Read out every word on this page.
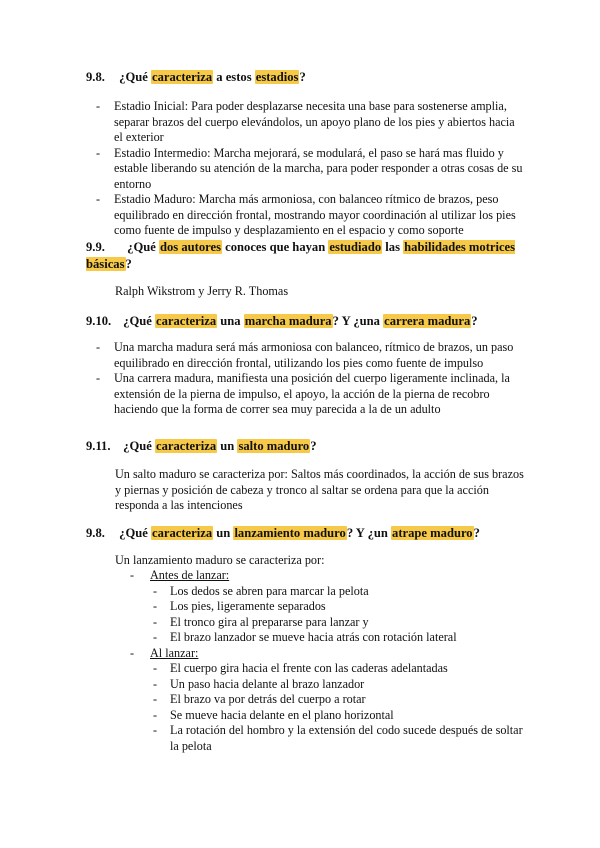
9.8. ¿Qué caracteriza a estos estadios?
- Estadio Inicial: Para poder desplazarse necesita una base para sostenerse amplia, separar brazos del cuerpo elevándolos, un apoyo plano de los pies y abiertos hacia el exterior
- Estadio Intermedio: Marcha mejorará, se modulará, el paso se hará mas fluido y estable liberando su atención de la marcha, para poder responder a otras cosas de su entorno
- Estadio Maduro: Marcha más armoniosa, con balanceo rítmico de brazos, peso equilibrado en dirección frontal, mostrando mayor coordinación al utilizar los pies como fuente de impulso y desplazamiento en el espacio y como soporte
9.9. ¿Qué dos autores conoces que hayan estudiado las habilidades motrices básicas?
Ralph Wikstrom y Jerry R. Thomas
9.10. ¿Qué caracteriza una marcha madura? Y ¿una carrera madura?
- Una marcha madura será más armoniosa con balanceo, rítmico de brazos, un paso equilibrado en dirección frontal, utilizando los pies como fuente de impulso
- Una carrera madura, manifiesta una posición del cuerpo ligeramente inclinada, la extensión de la pierna de impulso, el apoyo, la acción de la pierna de recobro haciendo que la forma de correr sea muy parecida a la de un adulto
9.11. ¿Qué caracteriza un salto maduro?
Un salto maduro se caracteriza por: Saltos más coordinados, la acción de sus brazos y piernas y posición de cabeza y tronco al saltar se ordena para que la acción responda a las intenciones
9.8. ¿Qué caracteriza un lanzamiento maduro? Y ¿un atrape maduro?
Un lanzamiento maduro se caracteriza por:
- Antes de lanzar:
- Los dedos se abren para marcar la pelota
- Los pies, ligeramente separados
- El tronco gira al prepararse para lanzar y
- El brazo lanzador se mueve hacia atrás con rotación lateral
- Al lanzar:
- El cuerpo gira hacia el frente con las caderas adelantadas
- Un paso hacia delante al brazo lanzador
- El brazo va por detrás del cuerpo a rotar
- Se mueve hacia delante en el plano horizontal
- La rotación del hombro y la extensión del codo sucede después de soltar la pelota
